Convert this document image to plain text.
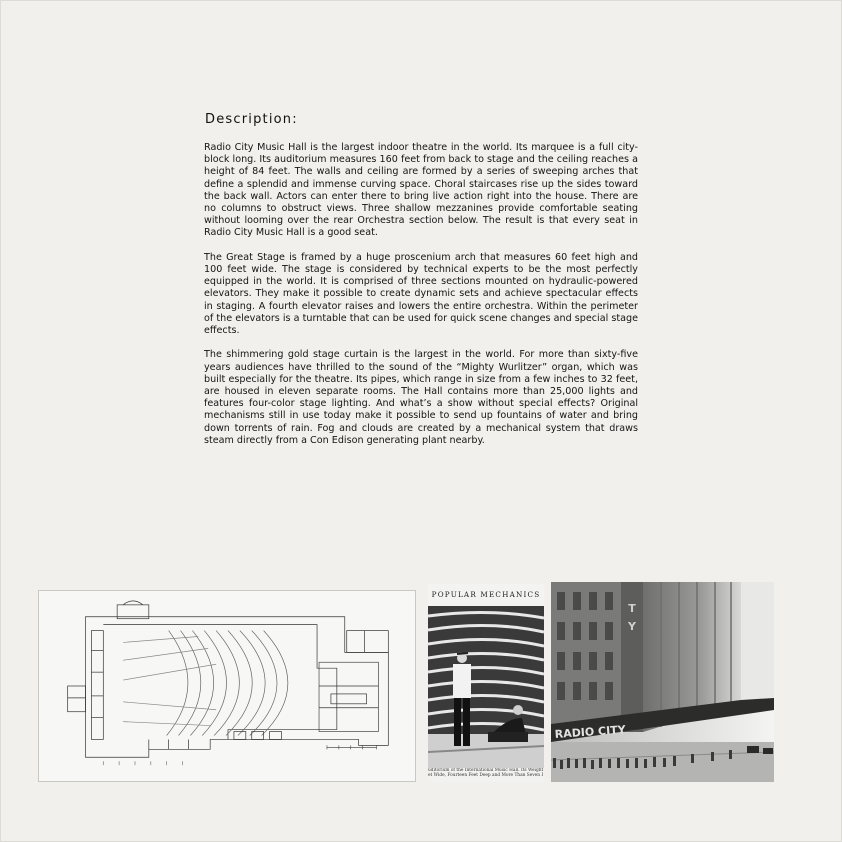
Description:

Radio City Music Hall is the largest indoor theatre in the world. Its marquee is a full city-block long. Its auditorium measures 160 feet from back to stage and the ceiling reaches a height of 84 feet. The walls and ceiling are formed by a series of sweeping arches that define a splendid and immense curving space. Choral staircases rise up the sides toward the back wall. Actors can enter there to bring live action right into the house. There are no columns to obstruct views. Three shallow mezzanines provide comfortable seating without looming over the rear Orchestra section below. The result is that every seat in Radio City Music Hall is a good seat.

The Great Stage is framed by a huge proscenium arch that measures 60 feet high and 100 feet wide. The stage is considered by technical experts to be the most perfectly equipped in the world. It is comprised of three sections mounted on hydraulic-powered elevators. They make it possible to create dynamic sets and achieve spectacular effects in staging. A fourth elevator raises and lowers the entire orchestra. Within the perimeter of the elevators is a turntable that can be used for quick scene changes and special stage effects.

The shimmering gold stage curtain is the largest in the world. For more than sixty-five years audiences have thrilled to the sound of the “Mighty Wurlitzer” organ, which was built especially for the theatre. Its pipes, which range in size from a few inches to 32 feet, are housed in eleven separate rooms. The Hall contains more than 25,000 lights and features four-color stage lighting. And what’s a show without special effects? Original mechanisms still in use today make it possible to send up fountains of water and bring down torrents of rain. Fog and clouds are created by a mechanical system that draws steam directly from a Con Edison generating plant nearby.

POPULAR MECHANICS
uditorium of the International Music Hall. Its Weight
et Wide, Fourteen Feet Deep and More Than Seven I
T
Y
RADIO CITY
